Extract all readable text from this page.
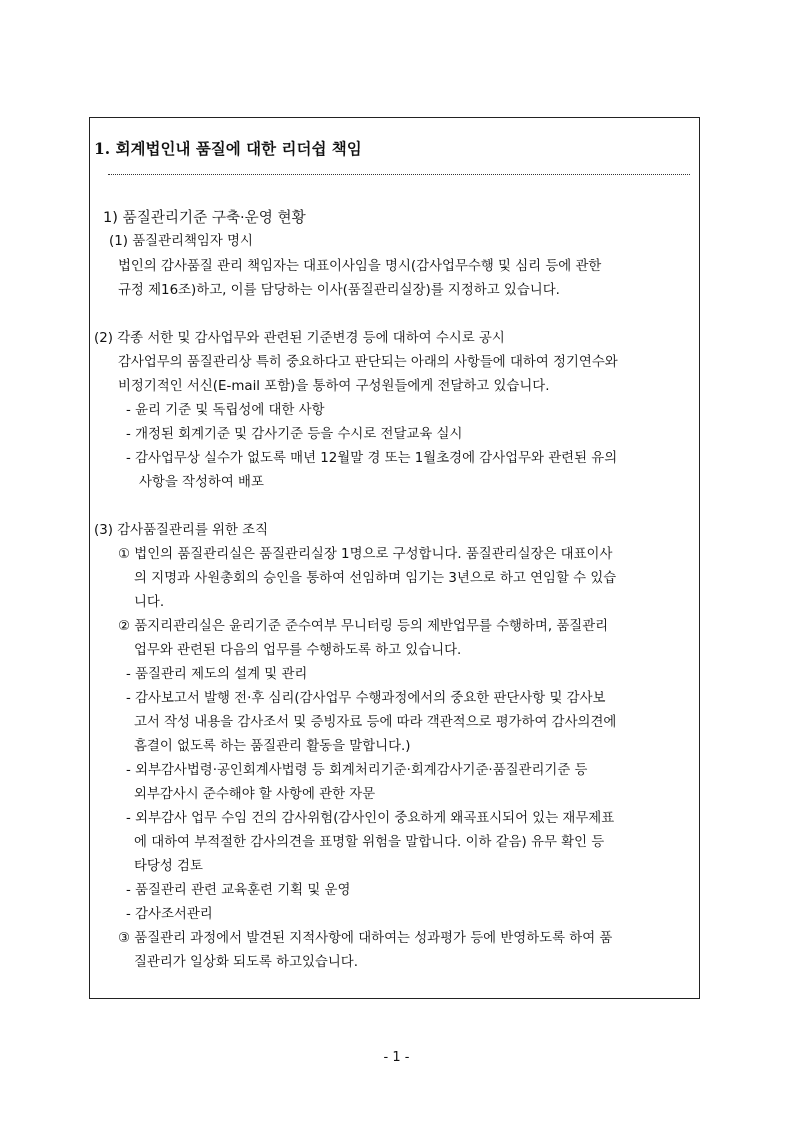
1. 회계법인내 품질에 대한 리더쉽 책임
1) 품질관리기준 구축·운영 현황
(1) 품질관리책임자 명시
법인의 감사품질 관리 책임자는 대표이사임을 명시(감사업무수행 및 심리 등에 관한
규정 제16조)하고, 이를 담당하는 이사(품질관리실장)를 지정하고 있습니다.
(2) 각종 서한 및 감사업무와 관련된 기준변경 등에 대하여 수시로 공시
감사업무의 품질관리상 특히 중요하다고 판단되는 아래의 사항들에 대하여 정기연수와
비정기적인 서신(E-mail 포함)을 통하여 구성원들에게 전달하고 있습니다.
- 윤리 기준 및 독립성에 대한 사항
- 개정된 회계기준 및 감사기준 등을 수시로 전달교육 실시
- 감사업무상 실수가 없도록 매년 12월말 경 또는 1월초경에 감사업무와 관련된 유의
사항을 작성하여 배포
(3) 감사품질관리를 위한 조직
① 법인의 품질관리실은 품질관리실장 1명으로 구성합니다. 품질관리실장은 대표이사
의 지명과 사원총회의 승인을 통하여 선임하며 임기는 3년으로 하고 연임할 수 있습
니다.
② 품지리관리실은 윤리기준 준수여부 무니터링 등의 제반업무를 수행하며, 품질관리
업무와 관련된 다음의 업무를 수행하도록 하고 있습니다.
- 품질관리 제도의 설계 및 관리
- 감사보고서 발행 전·후 심리(감사업무 수행과정에서의 중요한 판단사항 및 감사보
고서 작성 내용을 감사조서 및 증빙자료 등에 따라 객관적으로 평가하여 감사의견에
흠결이 없도록 하는 품질관리 활동을 말합니다.)
- 외부감사법령·공인회계사법령 등 회계처리기준·회계감사기준·품질관리기준 등
외부감사시 준수해야 할 사항에 관한 자문
- 외부감사 업무 수임 건의 감사위험(감사인이 중요하게 왜곡표시되어 있는 재무제표
에 대하여 부적절한 감사의견을 표명할 위험을 말합니다. 이하 같음) 유무 확인 등
타당성 검토
- 품질관리 관련 교육훈련 기획 및 운영
- 감사조서관리
③ 품질관리 과정에서 발견된 지적사항에 대하여는 성과평가 등에 반영하도록 하여 품
질관리가 일상화 되도록 하고있습니다.
- 1 -
